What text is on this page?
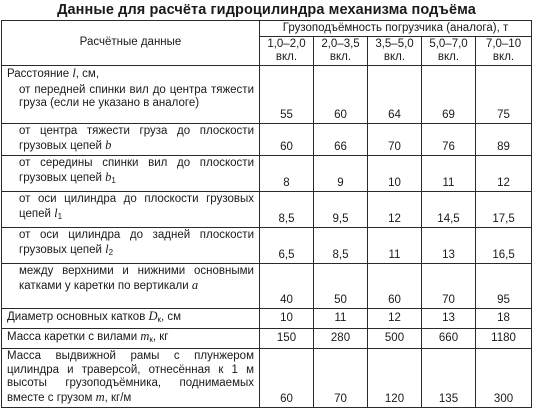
Данные для расчёта гидроцилиндра механизма подъёма
Расчётные данные	Грузоподъёмность погрузчика (аналога), т				
	1,0–2,0 вкл.	2,0–3,5 вкл.	3,5–5,0 вкл.	5,0–7,0 вкл.	7,0–10 вкл.
Расстояние l, см,
от передней спинки вил до центра тяжести груза (если не указано в аналоге)	55	60	64	69	75

от центра тяжести груза до плоскости грузовых цепей b	60	66	70	76	89

от середины спинки вил до плоскости грузовых цепей $b_1$	8	9	10	11	12

от оси цилиндра до плоскости грузовых цепей $l_1$	8,5	9,5	12	14,5	17,5

от оси цилиндра до задней плоскости грузовых цепей $l_2$	6,5	8,5	11	13	16,5

между верхними и нижними основными катками у каретки по вертикали a	40	50	60	70	95
Диаметр основных катков $D_к$, см	10	11	12	13	18
Масса каретки с вилами $m_к$, кг	150	280	500	660	1180
Масса выдвижной рамы с плунжером цилиндра и траверсой, отнесённая к 1 м высоты грузоподъёмника, поднимаемых вместе с грузом m, кг/м	60	70	120	135	300
